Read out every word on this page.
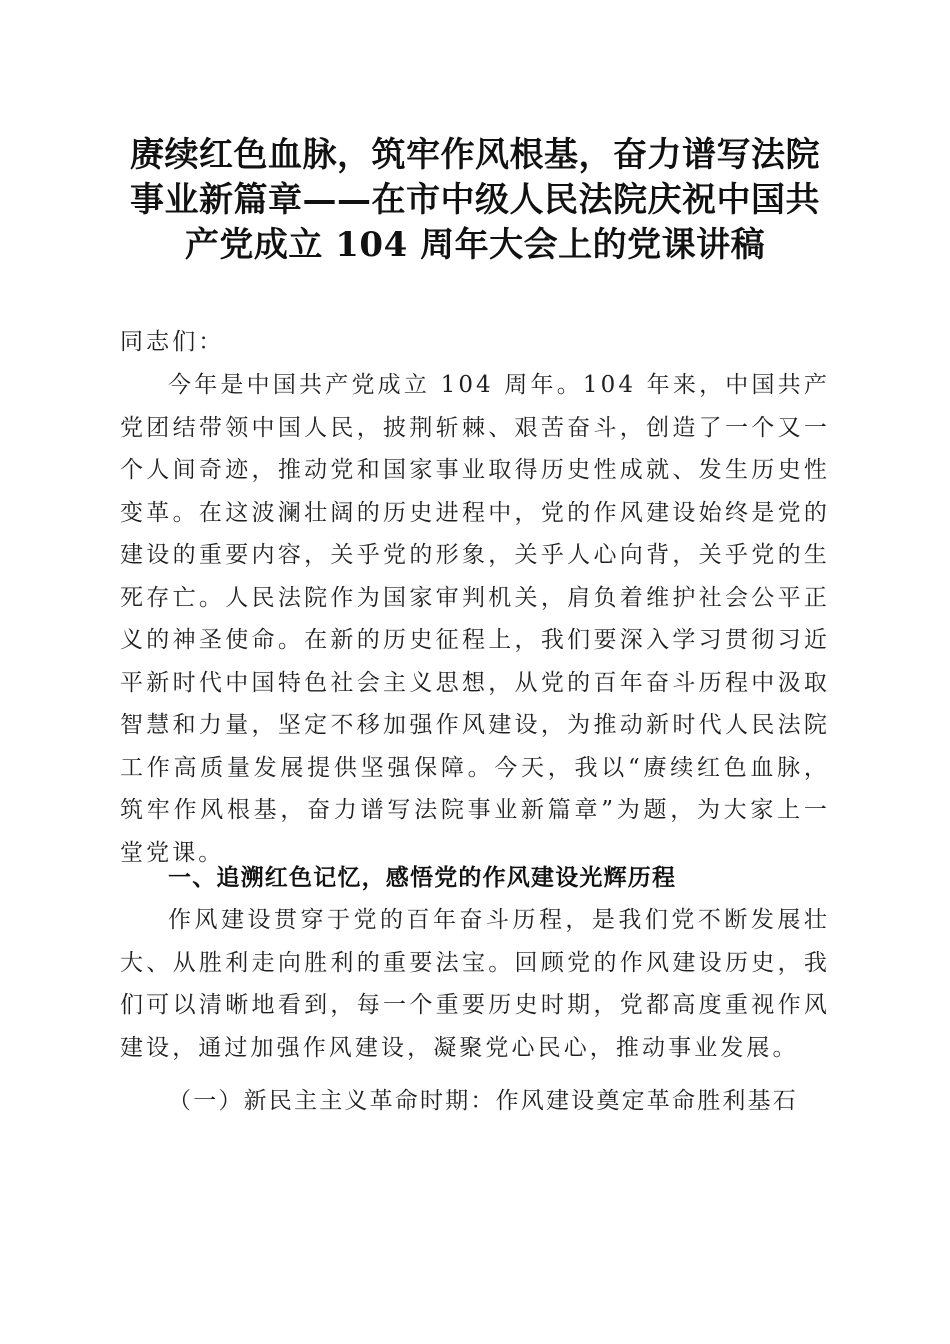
赓续红色血脉，筑牢作风根基，奋力谱写法院
事业新篇章——在市中级人民法院庆祝中国共
产党成立 104 周年大会上的党课讲稿
同志们：

今年是中国共产党成立 104 周年。104 年来，中国共产党团结带领中国人民，披荆斩棘、艰苦奋斗，创造了一个又一个人间奇迹，推动党和国家事业取得历史性成就、发生历史性变革。在这波澜壮阔的历史进程中，党的作风建设始终是党的建设的重要内容，关乎党的形象，关乎人心向背，关乎党的生死存亡。人民法院作为国家审判机关，肩负着维护社会公平正义的神圣使命。在新的历史征程上，我们要深入学习贯彻习近平新时代中国特色社会主义思想，从党的百年奋斗历程中汲取智慧和力量，坚定不移加强作风建设，为推动新时代人民法院工作高质量发展提供坚强保障。今天，我以“赓续红色血脉，筑牢作风根基，奋力谱写法院事业新篇章”为题，为大家上一堂党课。

一、追溯红色记忆，感悟党的作风建设光辉历程

作风建设贯穿于党的百年奋斗历程，是我们党不断发展壮大、从胜利走向胜利的重要法宝。回顾党的作风建设历史，我们可以清晰地看到，每一个重要历史时期，党都高度重视作风建设，通过加强作风建设，凝聚党心民心，推动事业发展。

（一）新民主主义革命时期：作风建设奠定革命胜利基石
